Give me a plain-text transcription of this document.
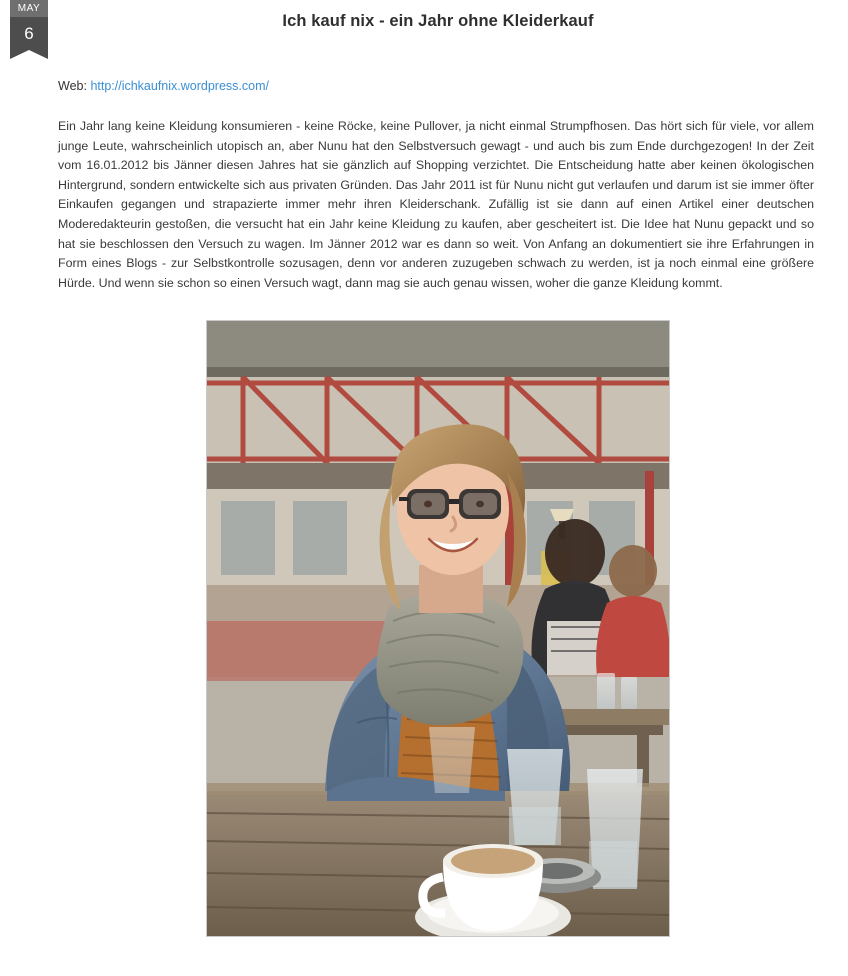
MAY
6
Ich kauf nix - ein Jahr ohne Kleiderkauf
Web: http://ichkaufnix.wordpress.com/

Ein Jahr lang keine Kleidung konsumieren - keine Röcke, keine Pullover, ja nicht einmal Strumpfhosen. Das hört sich für viele, vor allem junge Leute, wahrscheinlich utopisch an, aber Nunu hat den Selbstversuch gewagt - und auch bis zum Ende durchgezogen! In der Zeit vom 16.01.2012 bis Jänner diesen Jahres hat sie gänzlich auf Shopping verzichtet. Die Entscheidung hatte aber keinen ökologischen Hintergrund, sondern entwickelte sich aus privaten Gründen. Das Jahr 2011 ist für Nunu nicht gut verlaufen und darum ist sie immer öfter Einkaufen gegangen und strapazierte immer mehr ihren Kleiderschank. Zufällig ist sie dann auf einen Artikel einer deutschen Moderedakteurin gestoßen, die versucht hat ein Jahr keine Kleidung zu kaufen, aber gescheitert ist. Die Idee hat Nunu gepackt und so hat sie beschlossen den Versuch zu wagen. Im Jänner 2012 war es dann so weit. Von Anfang an dokumentiert sie ihre Erfahrungen in Form eines Blogs - zur Selbstkontrolle sozusagen, denn vor anderen zuzugeben schwach zu werden, ist ja noch einmal eine größere Hürde. Und wenn sie schon so einen Versuch wagt, dann mag sie auch genau wissen, woher die ganze Kleidung kommt.
